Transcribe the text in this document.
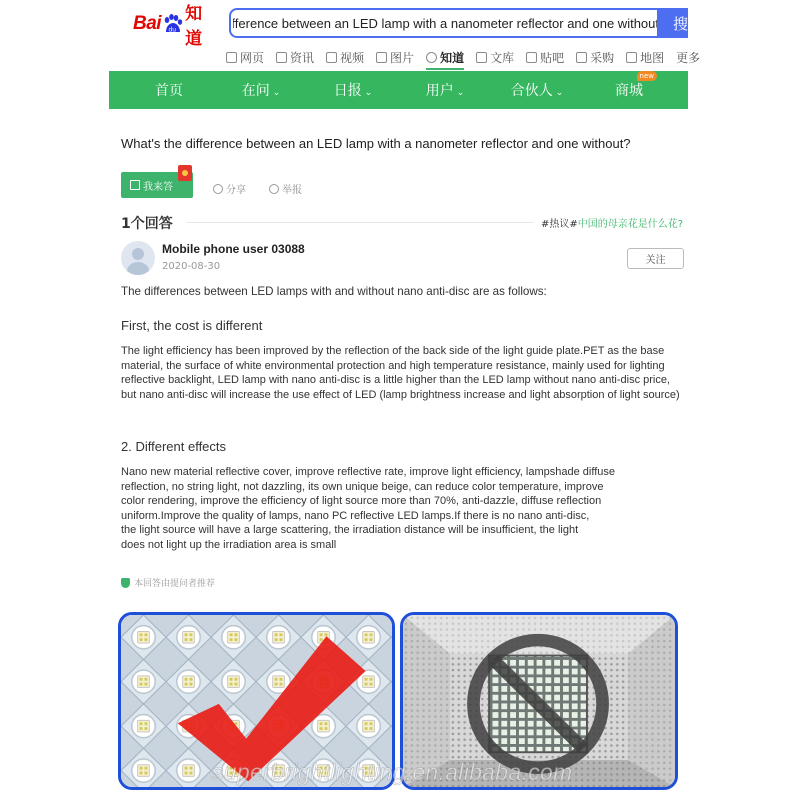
Bai du
知道
What's the difference between an LED lamp with a nanometer reflector and one without
搜
网页 资讯 视频 图片 知道 文库 贴吧 采购 地图 更多
首页	在问 ⌄	日报 ⌄	用户 ⌄	合伙人 ⌄	商城
new
What's the difference between an LED lamp with a nanometer reflector and one without?
我来答	分享	举报
1个回答	#热议#中国的母亲花是什么花?
Mobile phone user 03088
2020-08-30
关注
The differences between LED lamps with and without nano anti-disc are as follows:
First, the cost is different
The light efficiency has been improved by the reflection of the back side of the light guide plate.PET as the base material, the surface of white environmental protection and high temperature resistance, mainly used for lighting reflective backlight, LED lamp with nano anti-disc is a little higher than the LED lamp without nano anti-disc price, but nano anti-disc will increase the use effect of LED (lamp brightness increase and light absorption of light source)
2. Different effects
Nano new material reflective cover, improve reflective rate, improve light efficiency, lampshade diffuse
reflection, no string light, not dazzling, its own unique beige, can reduce color temperature, improve
color rendering, improve the efficiency of light source more than 70%, anti-dazzle, diffuse reflection
uniform.Improve the quality of lamps, nano PC reflective LED lamps.If there is no nano anti-disc,
the light source will have a large scattering, the irradiation distance will be insufficient, the light
does not light up the irradiation area is small
本回答由提问者推荐
superbrightlighting.en.alibaba.com
